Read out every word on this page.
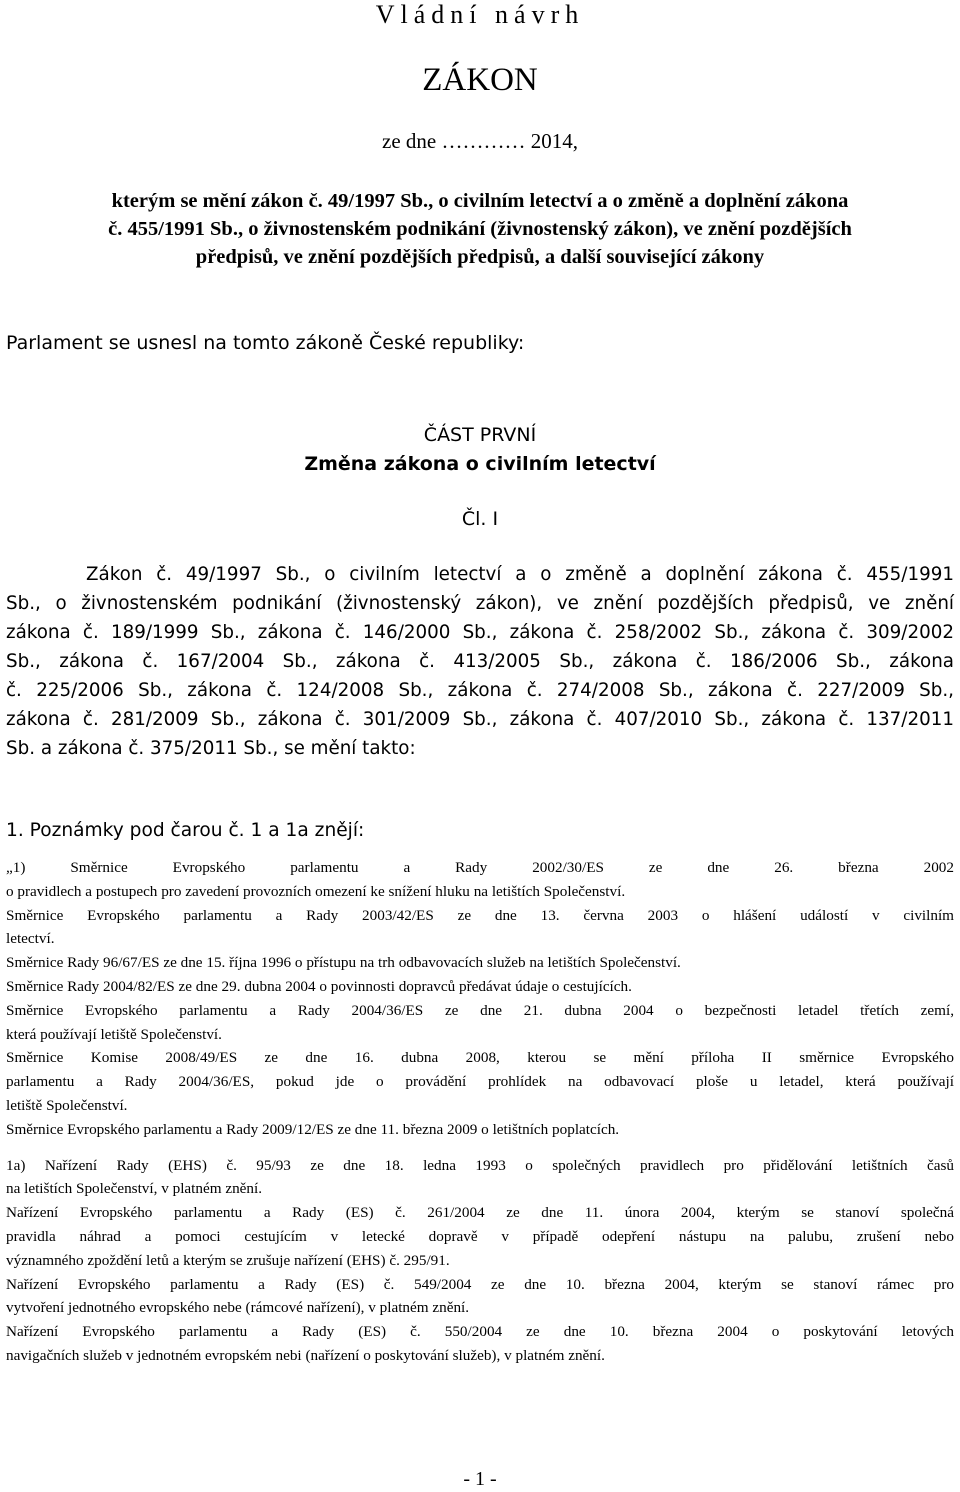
Vládní návrh
ZÁKON
ze dne ………… 2014,
kterým se mění zákon č. 49/1997 Sb., o civilním letectví a o změně a doplnění zákona
č. 455/1991 Sb., o živnostenském podnikání (živnostenský zákon), ve znění pozdějších
předpisů, ve znění pozdějších předpisů, a další související zákony
Parlament se usnesl na tomto zákoně České republiky:
ČÁST PRVNÍ
Změna zákona o civilním letectví
Čl. I
Zákon č. 49/1997 Sb., o civilním letectví a o změně a doplnění zákona č. 455/1991
Sb., o živnostenském podnikání (živnostenský zákon), ve znění pozdějších předpisů, ve znění
zákona č. 189/1999 Sb., zákona č. 146/2000 Sb., zákona č. 258/2002 Sb., zákona č. 309/2002
Sb., zákona č. 167/2004 Sb., zákona č. 413/2005 Sb., zákona č. 186/2006 Sb., zákona
č. 225/2006 Sb., zákona č. 124/2008 Sb., zákona č. 274/2008 Sb., zákona č. 227/2009 Sb.,
zákona č. 281/2009 Sb., zákona č. 301/2009 Sb., zákona č. 407/2010 Sb., zákona č. 137/2011
Sb. a zákona č. 375/2011 Sb., se mění takto:
1. Poznámky pod čarou č. 1 a 1a znějí:
„1) Směrnice Evropského parlamentu a Rady 2002/30/ES ze dne 26. března 2002
o pravidlech a postupech pro zavedení provozních omezení ke snížení hluku na letištích Společenství.
Směrnice Evropského parlamentu a Rady 2003/42/ES ze dne 13. června 2003 o hlášení událostí v civilním
letectví.
Směrnice Rady 96/67/ES ze dne 15. října 1996 o přístupu na trh odbavovacích služeb na letištích Společenství.
Směrnice Rady 2004/82/ES ze dne 29. dubna 2004 o povinnosti dopravců předávat údaje o cestujících.
Směrnice Evropského parlamentu a Rady 2004/36/ES ze dne 21. dubna 2004 o bezpečnosti letadel třetích zemí,
která používají letiště Společenství.
Směrnice Komise 2008/49/ES ze dne 16. dubna 2008, kterou se mění příloha II směrnice Evropského
parlamentu a Rady 2004/36/ES, pokud jde o provádění prohlídek na odbavovací ploše u letadel, která používají
letiště Společenství.
Směrnice Evropského parlamentu a Rady 2009/12/ES ze dne 11. března 2009 o letištních poplatcích.
1a) Nařízení Rady (EHS) č. 95/93 ze dne 18. ledna 1993 o společných pravidlech pro přidělování letištních časů
na letištích Společenství, v platném znění.
Nařízení Evropského parlamentu a Rady (ES) č. 261/2004 ze dne 11. února 2004, kterým se stanoví společná
pravidla náhrad a pomoci cestujícím v letecké dopravě v případě odepření nástupu na palubu, zrušení nebo
významného zpoždění letů a kterým se zrušuje nařízení (EHS) č. 295/91.
Nařízení Evropského parlamentu a Rady (ES) č. 549/2004 ze dne 10. března 2004, kterým se stanoví rámec pro
vytvoření jednotného evropského nebe (rámcové nařízení), v platném znění.
Nařízení Evropského parlamentu a Rady (ES) č. 550/2004 ze dne 10. března 2004 o poskytování letových
navigačních služeb v jednotném evropském nebi (nařízení o poskytování služeb), v platném znění.
- 1 -
